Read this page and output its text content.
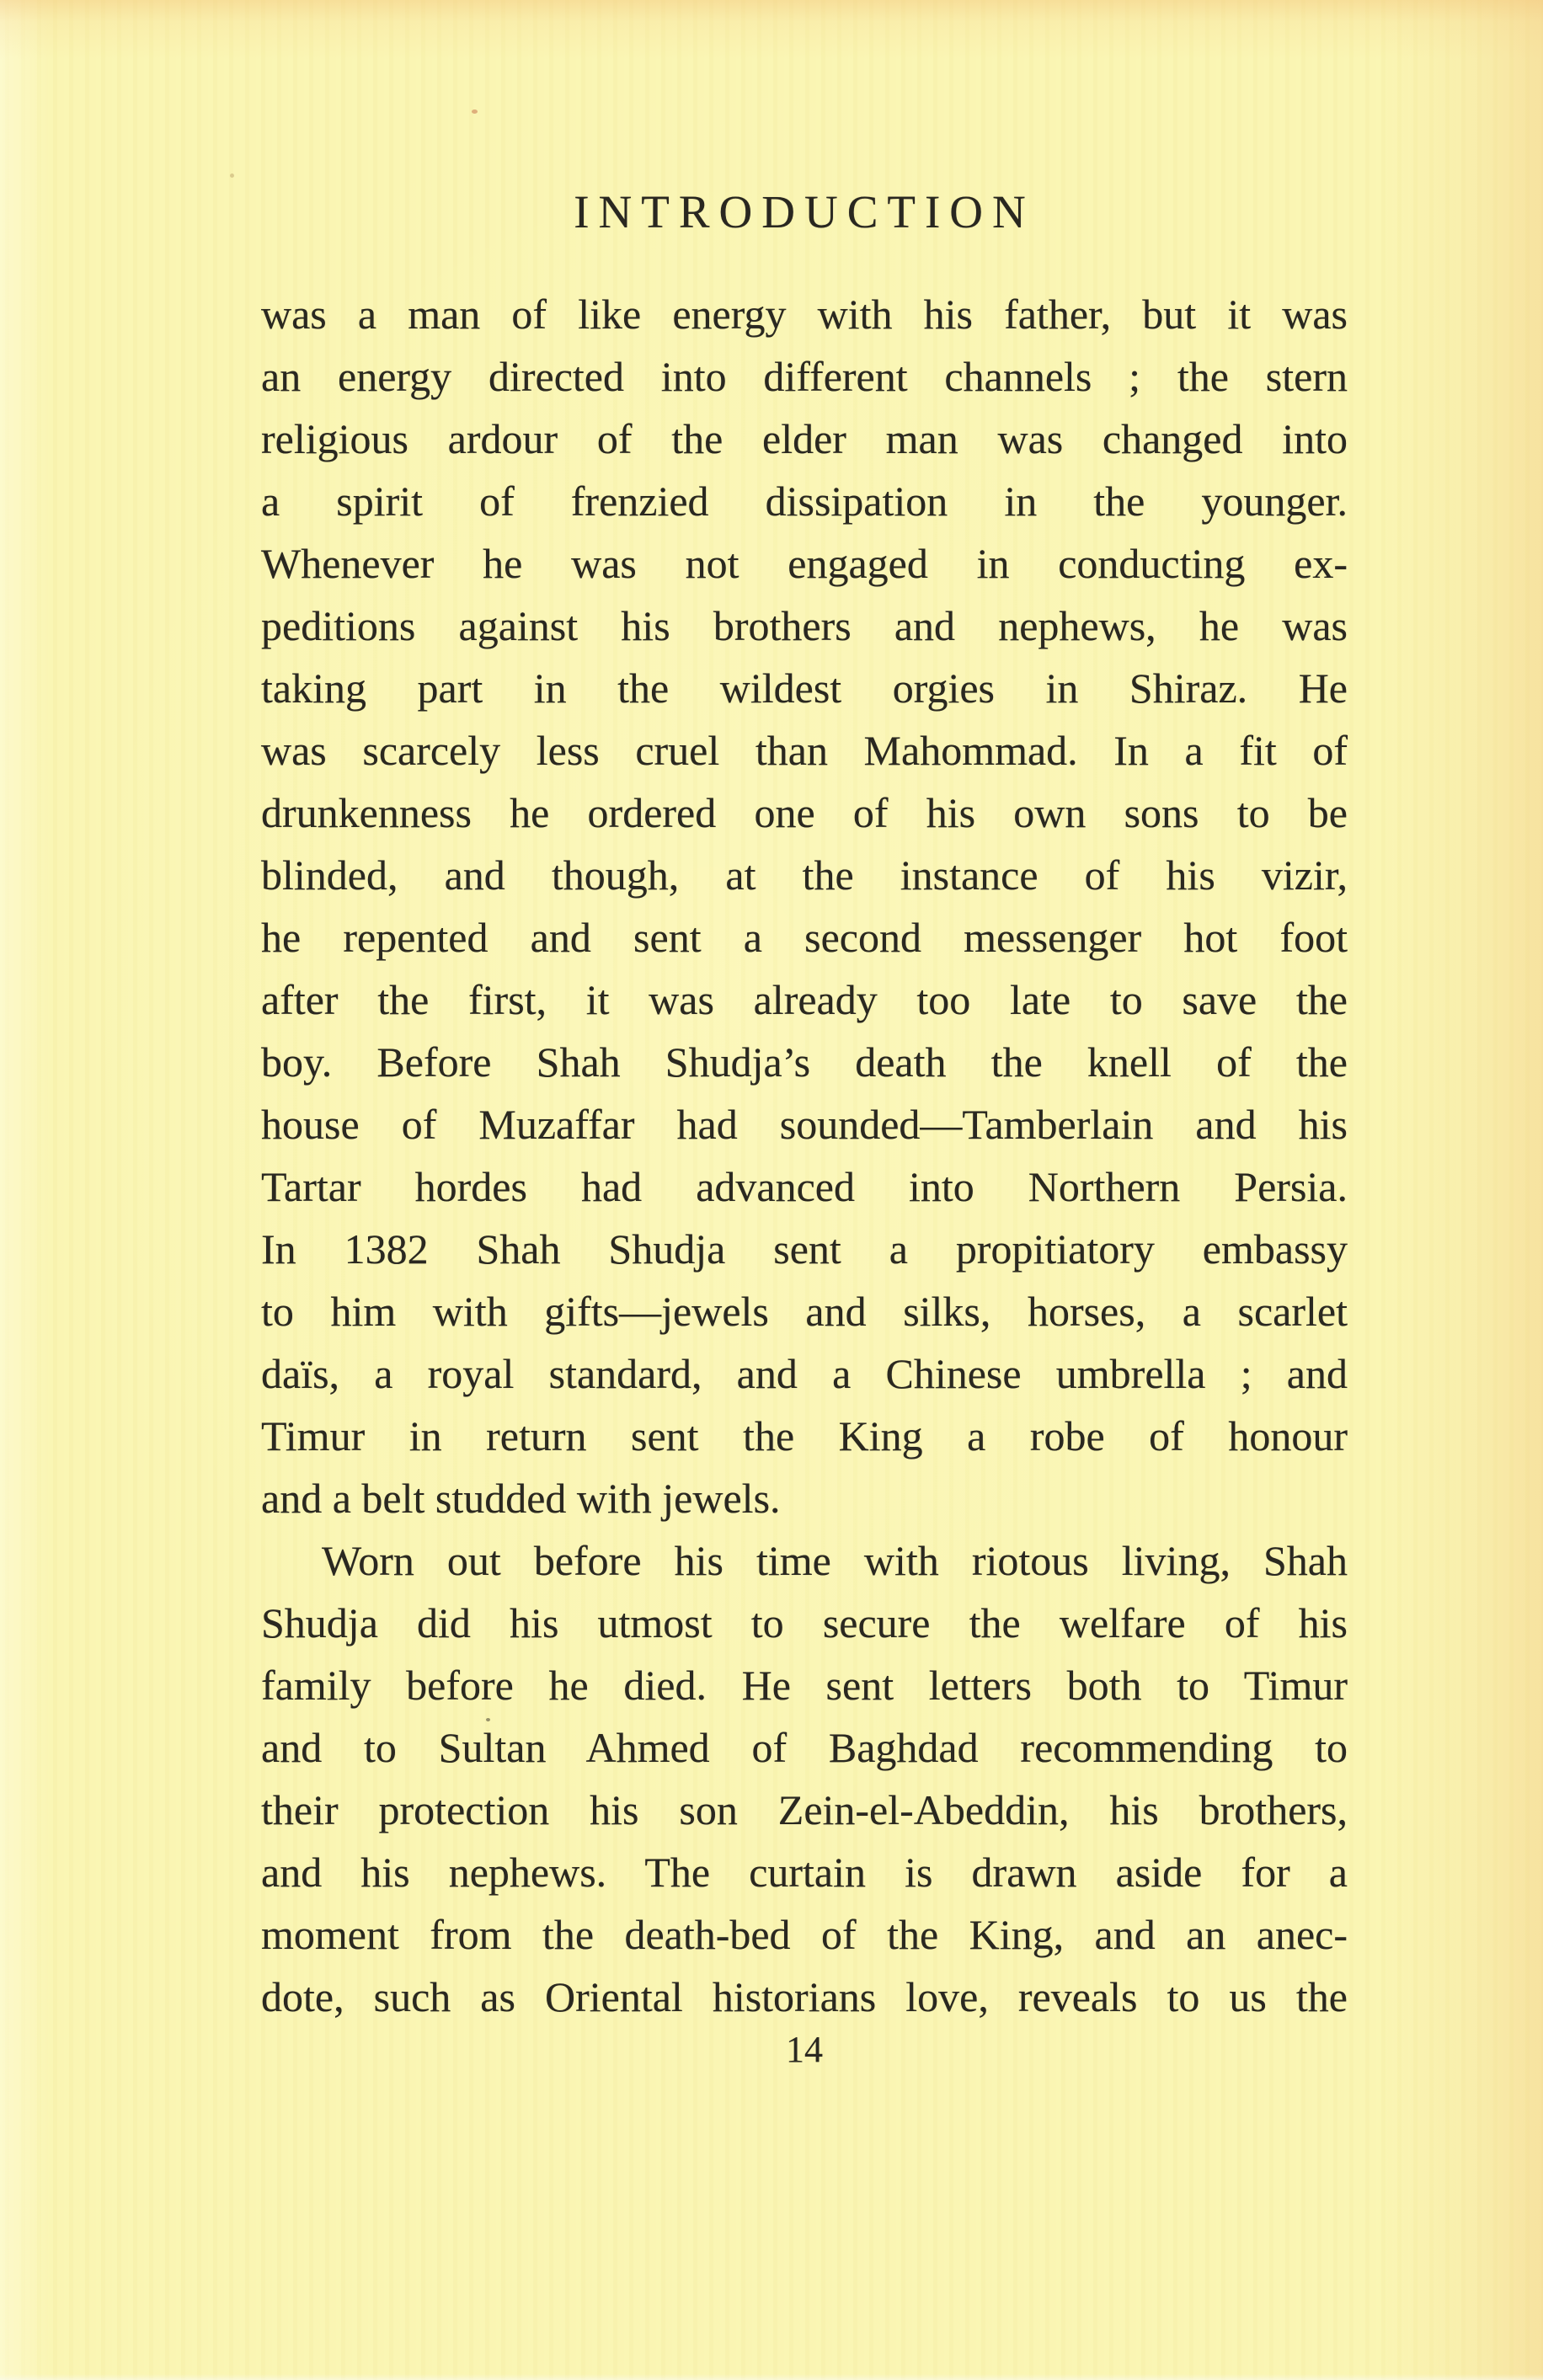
INTRODUCTION
was a man of like energy with his father, but it was
an energy directed into different channels ; the stern
religious ardour of the elder man was changed into
a spirit of frenzied dissipation in the younger.
Whenever he was not engaged in conducting ex-
peditions against his brothers and nephews, he was
taking part in the wildest orgies in Shiraz. He
was scarcely less cruel than Mahommad. In a fit of
drunkenness he ordered one of his own sons to be
blinded, and though, at the instance of his vizir,
he repented and sent a second messenger hot foot
after the first, it was already too late to save the
boy. Before Shah Shudja’s death the knell of the
house of Muzaffar had sounded—Tamberlain and his
Tartar hordes had advanced into Northern Persia.
In 1382 Shah Shudja sent a propitiatory embassy
to him with gifts—jewels and silks, horses, a scarlet
daïs, a royal standard, and a Chinese umbrella ; and
Timur in return sent the King a robe of honour
and a belt studded with jewels.
Worn out before his time with riotous living, Shah
Shudja did his utmost to secure the welfare of his
family before he died. He sent letters both to Timur
and to Sultan Ahmed of Baghdad recommending to
their protection his son Zein-el-Abeddin, his brothers,
and his nephews. The curtain is drawn aside for a
moment from the death-bed of the King, and an anec-
dote, such as Oriental historians love, reveals to us the
14
